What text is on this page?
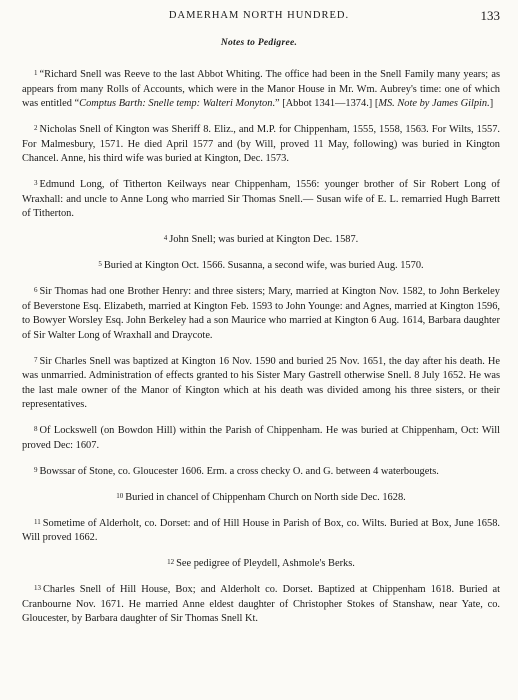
DAMERHAM NORTH HUNDRED.	133
Notes to Pedigree.

1 “Richard Snell was Reeve to the last Abbot Whiting. The office had been in the Snell Family many years; as appears from many Rolls of Accounts, which were in the Manor House in Mr. Wm. Aubrey's time: one of which was entitled “Comptus Barth: Snelle temp: Walteri Monyton.” [Abbot 1341—1374.] [MS. Note by James Gilpin.]

2 Nicholas Snell of Kington was Sheriff 8. Eliz., and M.P. for Chippenham, 1555, 1558, 1563. For Wilts, 1557. For Malmesbury, 1571. He died April 1577 and (by Will, proved 11 May, following) was buried in Kington Chancel. Anne, his third wife was buried at Kington, Dec. 1573.

3 Edmund Long, of Titherton Keilways near Chippenham, 1556: younger brother of Sir Robert Long of Wraxhall: and uncle to Anne Long who married Sir Thomas Snell.— Susan wife of E. L. remarried Hugh Barrett of Titherton.

4 John Snell; was buried at Kington Dec. 1587.

5 Buried at Kington Oct. 1566. Susanna, a second wife, was buried Aug. 1570.

6 Sir Thomas had one Brother Henry: and three sisters; Mary, married at Kington Nov. 1582, to John Berkeley of Beverstone Esq. Elizabeth, married at Kington Feb. 1593 to John Younge: and Agnes, married at Kington 1596, to Bowyer Worsley Esq. John Berkeley had a son Maurice who married at Kington 6 Aug. 1614, Barbara daughter of Sir Walter Long of Wraxhall and Draycote.

7 Sir Charles Snell was baptized at Kington 16 Nov. 1590 and buried 25 Nov. 1651, the day after his death. He was unmarried. Administration of effects granted to his Sister Mary Gastrell otherwise Snell. 8 July 1652. He was the last male owner of the Manor of Kington which at his death was divided among his three sisters, or their representatives.

8 Of Lockswell (on Bowdon Hill) within the Parish of Chippenham. He was buried at Chippenham, Oct: Will proved Dec: 1607.

9 Bowssar of Stone, co. Gloucester 1606. Erm. a cross checky O. and G. between 4 waterbougets.

10 Buried in chancel of Chippenham Church on North side Dec. 1628.

11 Sometime of Alderholt, co. Dorset: and of Hill House in Parish of Box, co. Wilts. Buried at Box, June 1658. Will proved 1662.

12 See pedigree of Pleydell, Ashmole's Berks.

13 Charles Snell of Hill House, Box; and Alderholt co. Dorset. Baptized at Chippenham 1618. Buried at Cranbourne Nov. 1671. He married Anne eldest daughter of Christopher Stokes of Stanshaw, near Yate, co. Gloucester, by Barbara daughter of Sir Thomas Snell Kt.
